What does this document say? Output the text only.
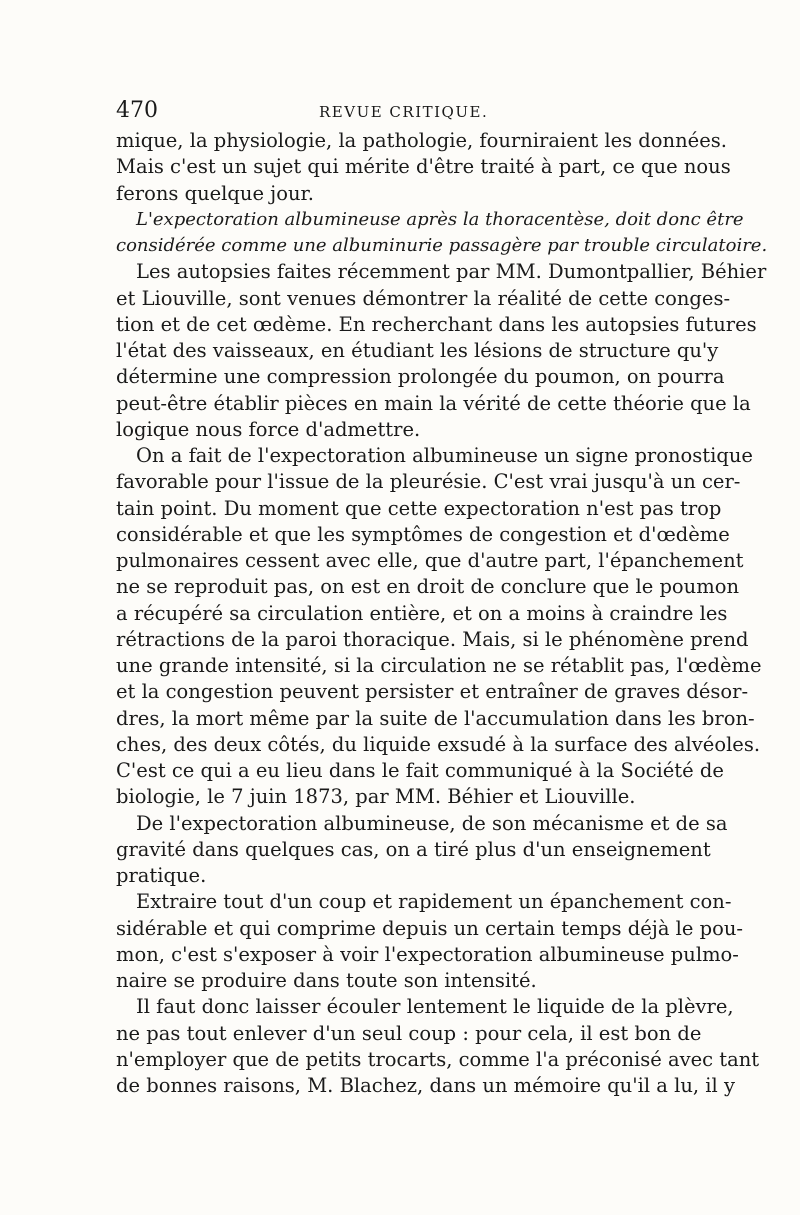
470	REVUE CRITIQUE.
mique, la physiologie, la pathologie, fourniraient les données.
Mais c'est un sujet qui mérite d'être traité à part, ce que nous
ferons quelque jour.
L'expectoration albumineuse après la thoracentèse, doit donc être
considérée comme une albuminurie passagère par trouble circulatoire.
Les autopsies faites récemment par MM. Dumontpallier, Béhier
et Liouville, sont venues démontrer la réalité de cette conges-
tion et de cet œdème. En recherchant dans les autopsies futures
l'état des vaisseaux, en étudiant les lésions de structure qu'y
détermine une compression prolongée du poumon, on pourra
peut-être établir pièces en main la vérité de cette théorie que la
logique nous force d'admettre.
On a fait de l'expectoration albumineuse un signe pronostique
favorable pour l'issue de la pleurésie. C'est vrai jusqu'à un cer-
tain point. Du moment que cette expectoration n'est pas trop
considérable et que les symptômes de congestion et d'œdème
pulmonaires cessent avec elle, que d'autre part, l'épanchement
ne se reproduit pas, on est en droit de conclure que le poumon
a récupéré sa circulation entière, et on a moins à craindre les
rétractions de la paroi thoracique. Mais, si le phénomène prend
une grande intensité, si la circulation ne se rétablit pas, l'œdème
et la congestion peuvent persister et entraîner de graves désor-
dres, la mort même par la suite de l'accumulation dans les bron-
ches, des deux côtés, du liquide exsudé à la surface des alvéoles.
C'est ce qui a eu lieu dans le fait communiqué à la Société de
biologie, le 7 juin 1873, par MM. Béhier et Liouville.
De l'expectoration albumineuse, de son mécanisme et de sa
gravité dans quelques cas, on a tiré plus d'un enseignement
pratique.
Extraire tout d'un coup et rapidement un épanchement con-
sidérable et qui comprime depuis un certain temps déjà le pou-
mon, c'est s'exposer à voir l'expectoration albumineuse pulmo-
naire se produire dans toute son intensité.
Il faut donc laisser écouler lentement le liquide de la plèvre,
ne pas tout enlever d'un seul coup : pour cela, il est bon de
n'employer que de petits trocarts, comme l'a préconisé avec tant
de bonnes raisons, M. Blachez, dans un mémoire qu'il a lu, il y
